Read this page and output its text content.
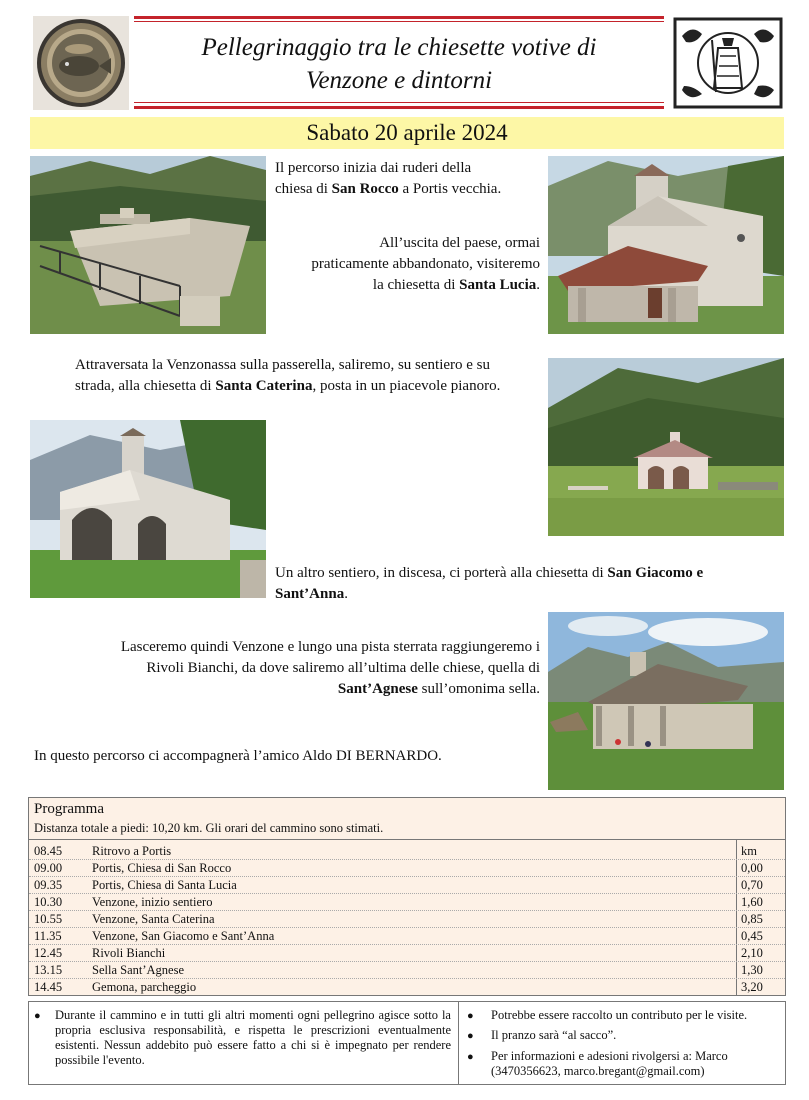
Pellegrinaggio tra le chiesette votive di
Venzone e dintorni
Sabato 20 aprile 2024
Il percorso inizia dai ruderi della
chiesa di San Rocco a Portis vecchia.
All’uscita del paese, ormai
praticamente abbandonato, visiteremo
la chiesetta di Santa Lucia.
Attraversata la Venzonassa sulla passerella, saliremo, su sentiero e su
strada, alla chiesetta di Santa Caterina, posta in un piacevole pianoro.
Un altro sentiero, in discesa, ci porterà alla chiesetta di San Giacomo e
Sant’Anna.
Lasceremo quindi Venzone e lungo una pista sterrata raggiungeremo i
Rivoli Bianchi, da dove saliremo all’ultima delle chiese, quella di
Sant’Agnese sull’omonima sella.
In questo percorso ci accompagnerà l’amico Aldo DI BERNARDO.
Programma
Distanza totale a piedi: 10,20 km. Gli orari del cammino sono stimati.
08.45 Ritrovo a Portis	km
09.00 Portis, Chiesa di San Rocco	0,00
09.35 Portis, Chiesa di Santa Lucia	0,70
10.30 Venzone, inizio sentiero	1,60
10.55 Venzone, Santa Caterina	0,85
11.35 Venzone, San Giacomo e Sant’Anna	0,45
12.45 Rivoli Bianchi	2,10
13.15 Sella Sant’Agnese	1,30
14.45 Gemona, parcheggio	3,20
● Durante il cammino e in tutti gli altri momenti ogni pellegrino agisce sotto la propria esclusiva responsabilità, e rispetta le prescrizioni eventualmente esistenti. Nessun addebito può essere fatto a chi si è impegnato per rendere possibile l'evento.
● Potrebbe essere raccolto un contributo per le visite.
● Il pranzo sarà “al sacco”.
● Per informazioni e adesioni rivolgersi a: Marco
(3470356623, marco.bregant@gmail.com)
